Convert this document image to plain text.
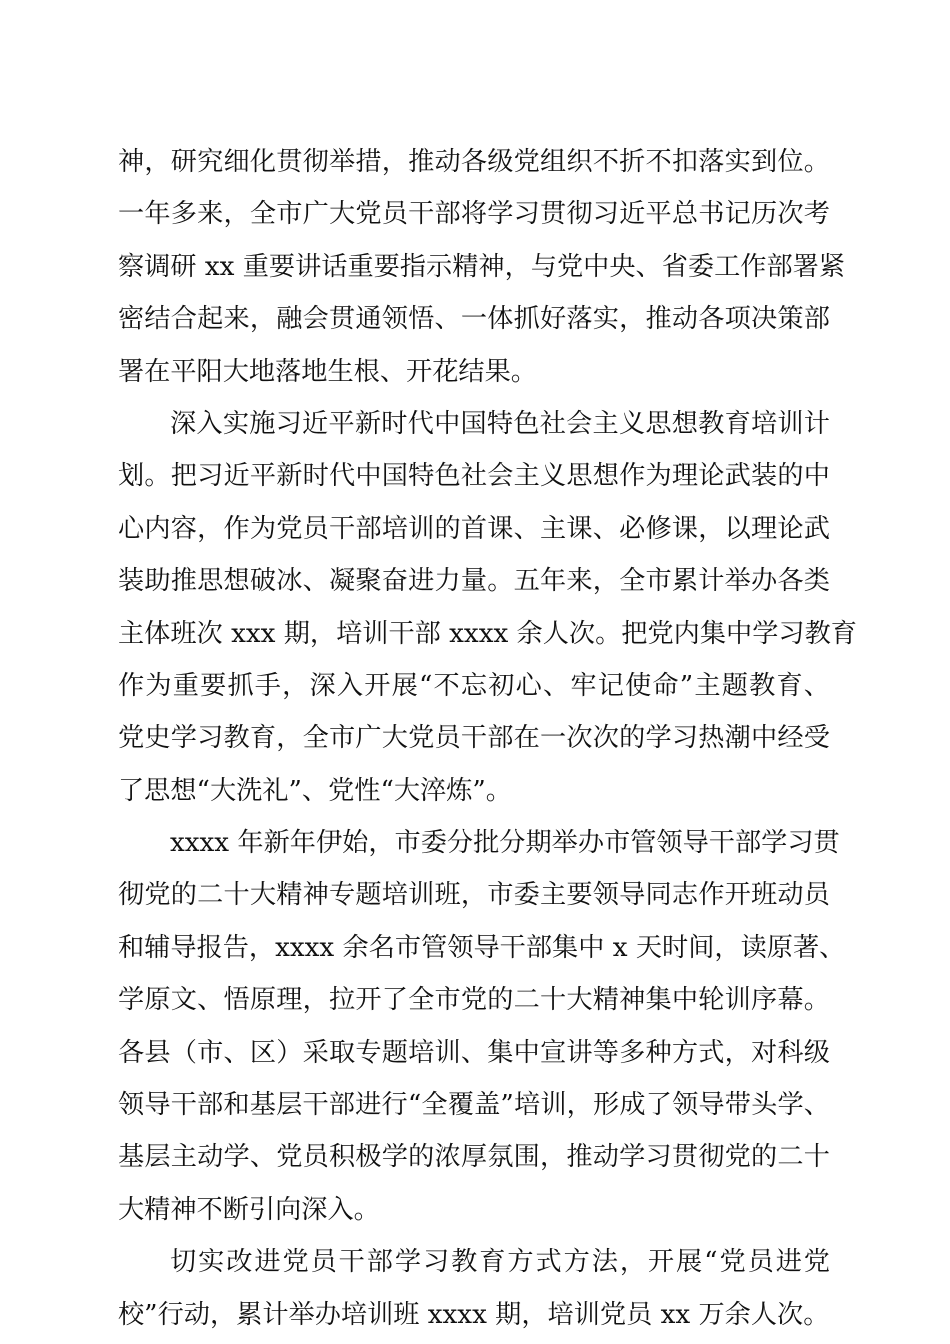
神，研究细化贯彻举措，推动各级党组织不折不扣落实到位。
一年多来，全市广大党员干部将学习贯彻习近平总书记历次考
察调研 xx 重要讲话重要指示精神，与党中央、省委工作部署紧
密结合起来，融会贯通领悟、一体抓好落实，推动各项决策部
署在平阳大地落地生根、开花结果。
深入实施习近平新时代中国特色社会主义思想教育培训计
划。把习近平新时代中国特色社会主义思想作为理论武装的中
心内容，作为党员干部培训的首课、主课、必修课，以理论武
装助推思想破冰、凝聚奋进力量。五年来，全市累计举办各类
主体班次 xxx 期，培训干部 xxxx 余人次。把党内集中学习教育
作为重要抓手，深入开展“不忘初心、牢记使命”主题教育、
党史学习教育，全市广大党员干部在一次次的学习热潮中经受
了思想“大洗礼”、党性“大淬炼”。
xxxx 年新年伊始，市委分批分期举办市管领导干部学习贯
彻党的二十大精神专题培训班，市委主要领导同志作开班动员
和辅导报告，xxxx 余名市管领导干部集中 x 天时间，读原著、
学原文、悟原理，拉开了全市党的二十大精神集中轮训序幕。
各县（市、区）采取专题培训、集中宣讲等多种方式，对科级
领导干部和基层干部进行“全覆盖”培训，形成了领导带头学、
基层主动学、党员积极学的浓厚氛围，推动学习贯彻党的二十
大精神不断引向深入。
切实改进党员干部学习教育方式方法，开展“党员进党
校”行动，累计举办培训班 xxxx 期，培训党员 xx 万余人次。
